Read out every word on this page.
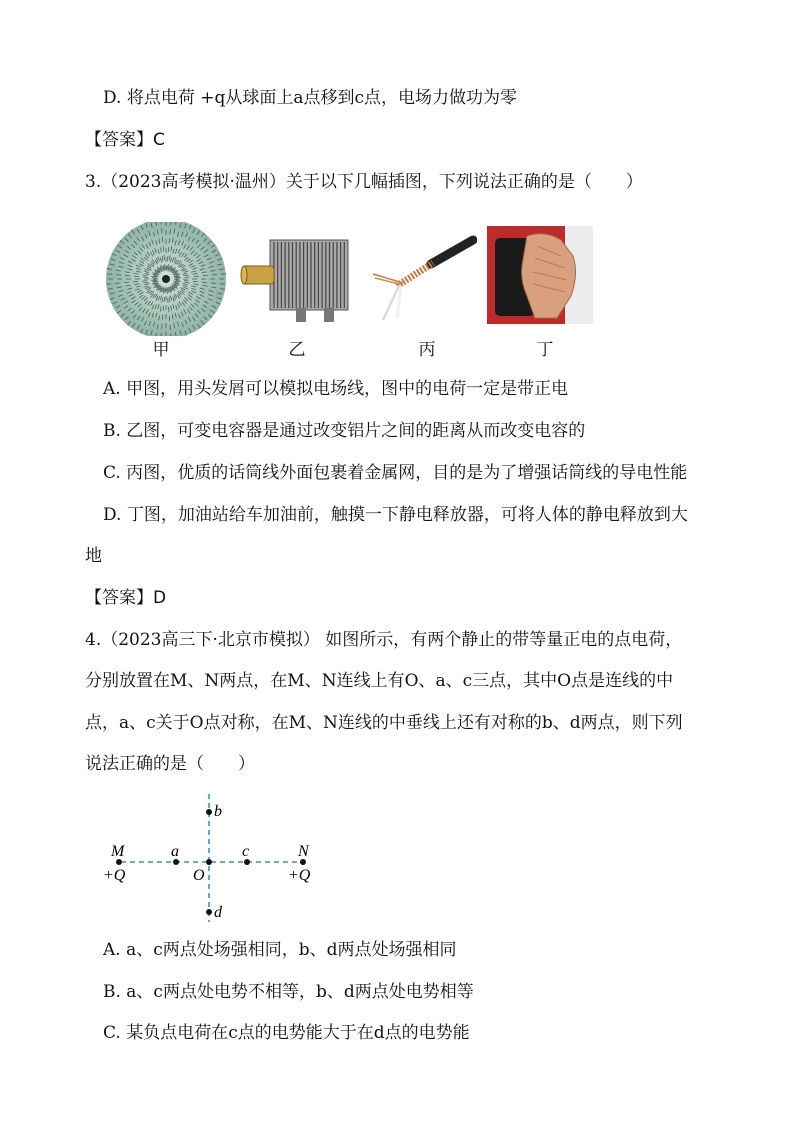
D. 将点电荷 +q从球面上a点移到c点，电场力做功为零
【答案】C
3.（2023高考模拟·温州）关于以下几幅插图，下列说法正确的是（　　）
甲	乙	丙	丁
A. 甲图，用头发屑可以模拟电场线，图中的电荷一定是带正电
B. 乙图，可变电容器是通过改变铝片之间的距离从而改变电容的
C. 丙图，优质的话筒线外面包裹着金属网，目的是为了增强话筒线的导电性能
D. 丁图，加油站给车加油前，触摸一下静电释放器，可将人体的静电释放到大
地
【答案】D
4.（2023高三下·北京市模拟） 如图所示，有两个静止的带等量正电的点电荷，
分别放置在M、N两点，在M、N连线上有O、a、c三点，其中O点是连线的中
点，a、c关于O点对称，在M、N连线的中垂线上还有对称的b、d两点，则下列
说法正确的是（　　）
M	a	c	N
O
b
d
+Q	+Q
A. a、c两点处场强相同，b、d两点处场强相同
B. a、c两点处电势不相等，b、d两点处电势相等
C. 某负点电荷在c点的电势能大于在d点的电势能
